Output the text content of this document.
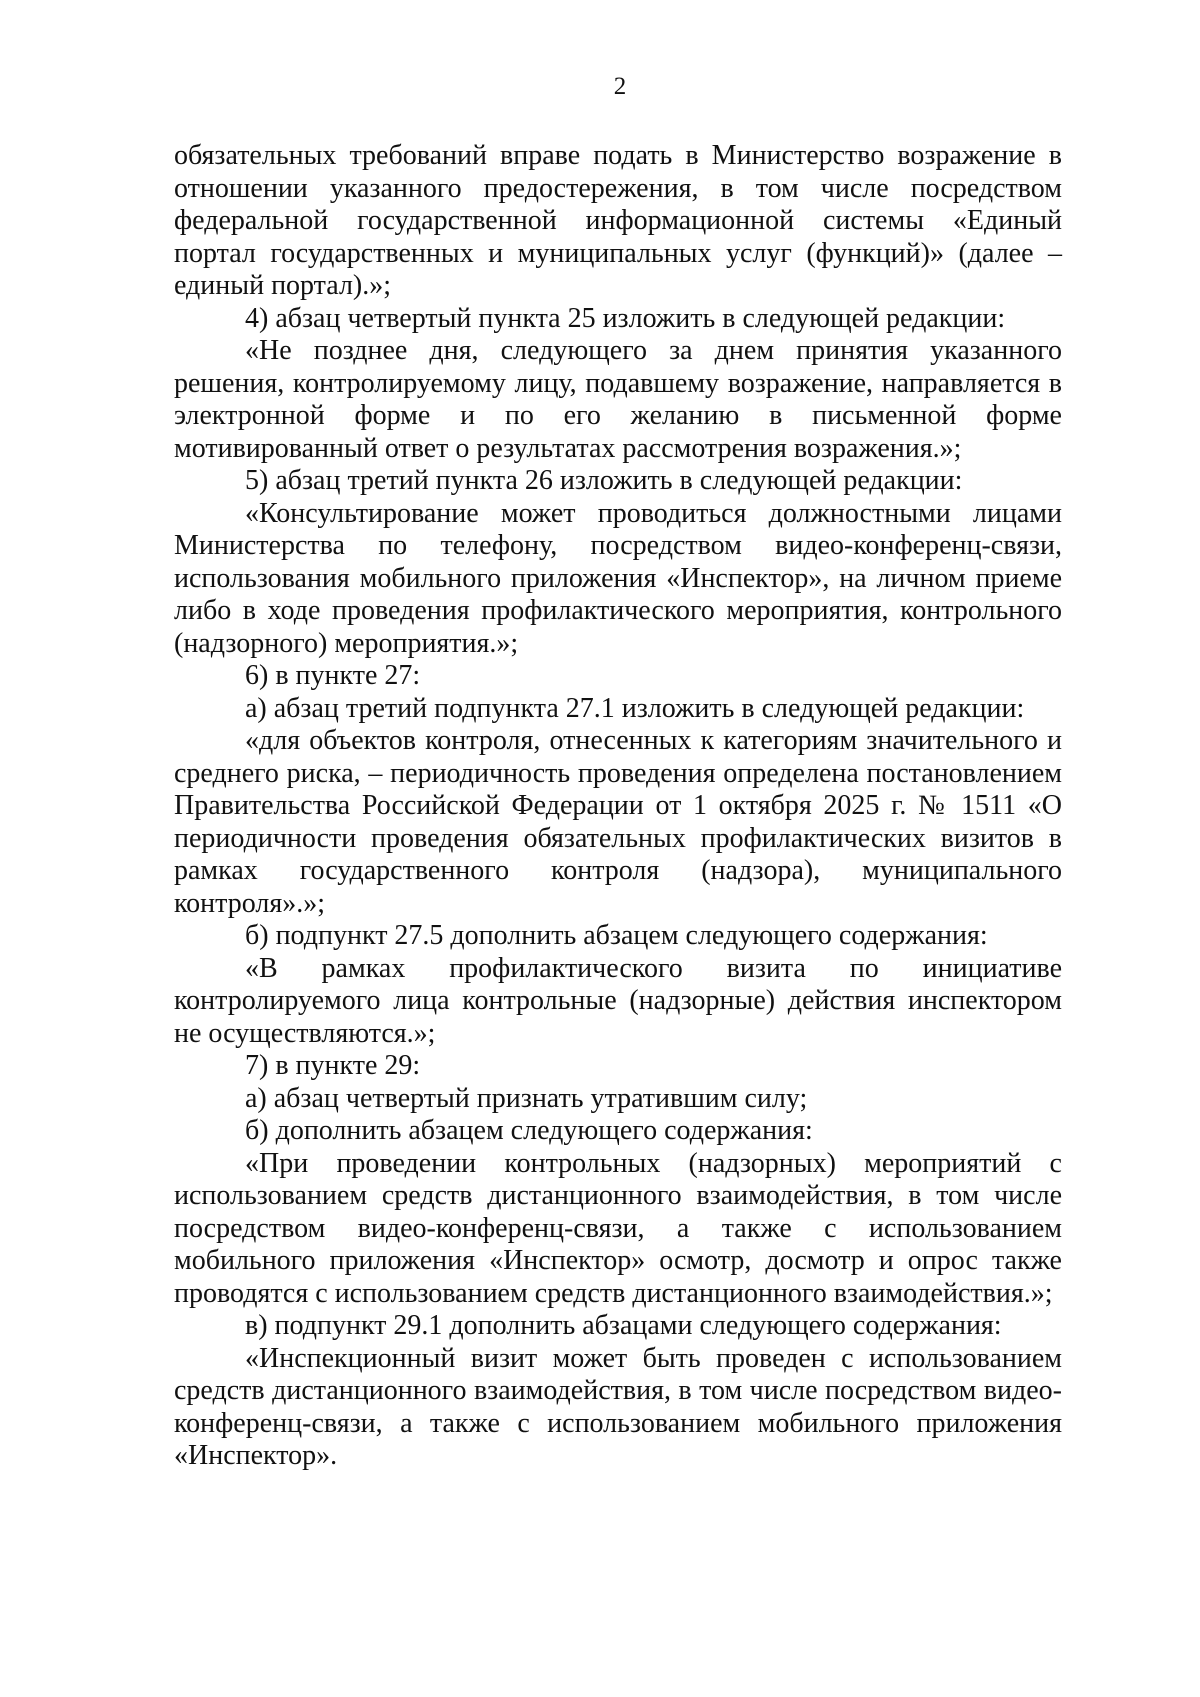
2

обязательных требований вправе подать в Министерство возражение в отношении указанного предостережения, в том числе посредством федеральной государственной информационной системы «Единый портал государственных и муниципальных услуг (функций)» (далее – единый портал).»;

4) абзац четвертый пункта 25 изложить в следующей редакции:

«Не позднее дня, следующего за днем принятия указанного решения, контролируемому лицу, подавшему возражение, направляется в электронной форме и по его желанию в письменной форме мотивированный ответ о результатах рассмотрения возражения.»;

5) абзац третий пункта 26 изложить в следующей редакции:

«Консультирование может проводиться должностными лицами Министерства по телефону, посредством видео-конференц-связи, использования мобильного приложения «Инспектор», на личном приеме либо в ходе проведения профилактического мероприятия, контрольного (надзорного) мероприятия.»;

6) в пункте 27:

а) абзац третий подпункта 27.1 изложить в следующей редакции:

«для объектов контроля, отнесенных к категориям значительного и среднего риска, – периодичность проведения определена постановлением Правительства Российской Федерации от 1 октября 2025 г. № 1511 «О периодичности проведения обязательных профилактических визитов в рамках государственного контроля (надзора), муниципального контроля».»;

б) подпункт 27.5 дополнить абзацем следующего содержания:

«В рамках профилактического визита по инициативе контролируемого лица контрольные (надзорные) действия инспектором не осуществляются.»;

7) в пункте 29:

а) абзац четвертый признать утратившим силу;

б) дополнить абзацем следующего содержания:

«При проведении контрольных (надзорных) мероприятий с использованием средств дистанционного взаимодействия, в том числе посредством видео-конференц-связи, а также с использованием мобильного приложения «Инспектор» осмотр, досмотр и опрос также проводятся с использованием средств дистанционного взаимодействия.»;

в) подпункт 29.1 дополнить абзацами следующего содержания:

«Инспекционный визит может быть проведен с использованием средств дистанционного взаимодействия, в том числе посредством видео-конференц-связи, а также с использованием мобильного приложения «Инспектор».
